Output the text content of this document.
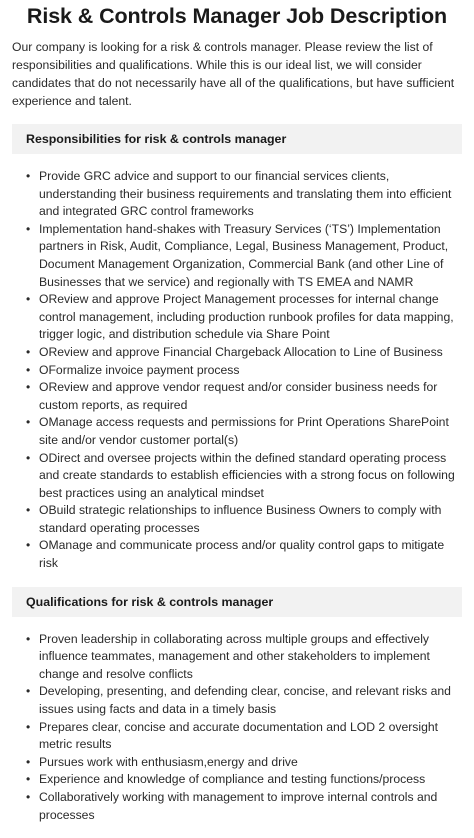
Risk & Controls Manager Job Description

Our company is looking for a risk & controls manager. Please review the list of responsibilities and qualifications. While this is our ideal list, we will consider candidates that do not necessarily have all of the qualifications, but have sufficient experience and talent.

Responsibilities for risk & controls manager
• Provide GRC advice and support to our financial services clients, understanding their business requirements and translating them into efficient and integrated GRC control frameworks
• Implementation hand-shakes with Treasury Services (‘TS’) Implementation partners in Risk, Audit, Compliance, Legal, Business Management, Product, Document Management Organization, Commercial Bank (and other Line of Businesses that we service) and regionally with TS EMEA and NAMR
• OReview and approve Project Management processes for internal change control management, including production runbook profiles for data mapping, trigger logic, and distribution schedule via Share Point
• OReview and approve Financial Chargeback Allocation to Line of Business
• OFormalize invoice payment process
• OReview and approve vendor request and/or consider business needs for custom reports, as required
• OManage access requests and permissions for Print Operations SharePoint site and/or vendor customer portal(s)
• ODirect and oversee projects within the defined standard operating process and create standards to establish efficiencies with a strong focus on following best practices using an analytical mindset
• OBuild strategic relationships to influence Business Owners to comply with standard operating processes
• OManage and communicate process and/or quality control gaps to mitigate risk
Qualifications for risk & controls manager
• Proven leadership in collaborating across multiple groups and effectively influence teammates, management and other stakeholders to implement change and resolve conflicts
• Developing, presenting, and defending clear, concise, and relevant risks and issues using facts and data in a timely basis
• Prepares clear, concise and accurate documentation and LOD 2 oversight metric results
• Pursues work with enthusiasm,energy and drive
• Experience and knowledge of compliance and testing functions/process
• Collaboratively working with management to improve internal controls and processes
